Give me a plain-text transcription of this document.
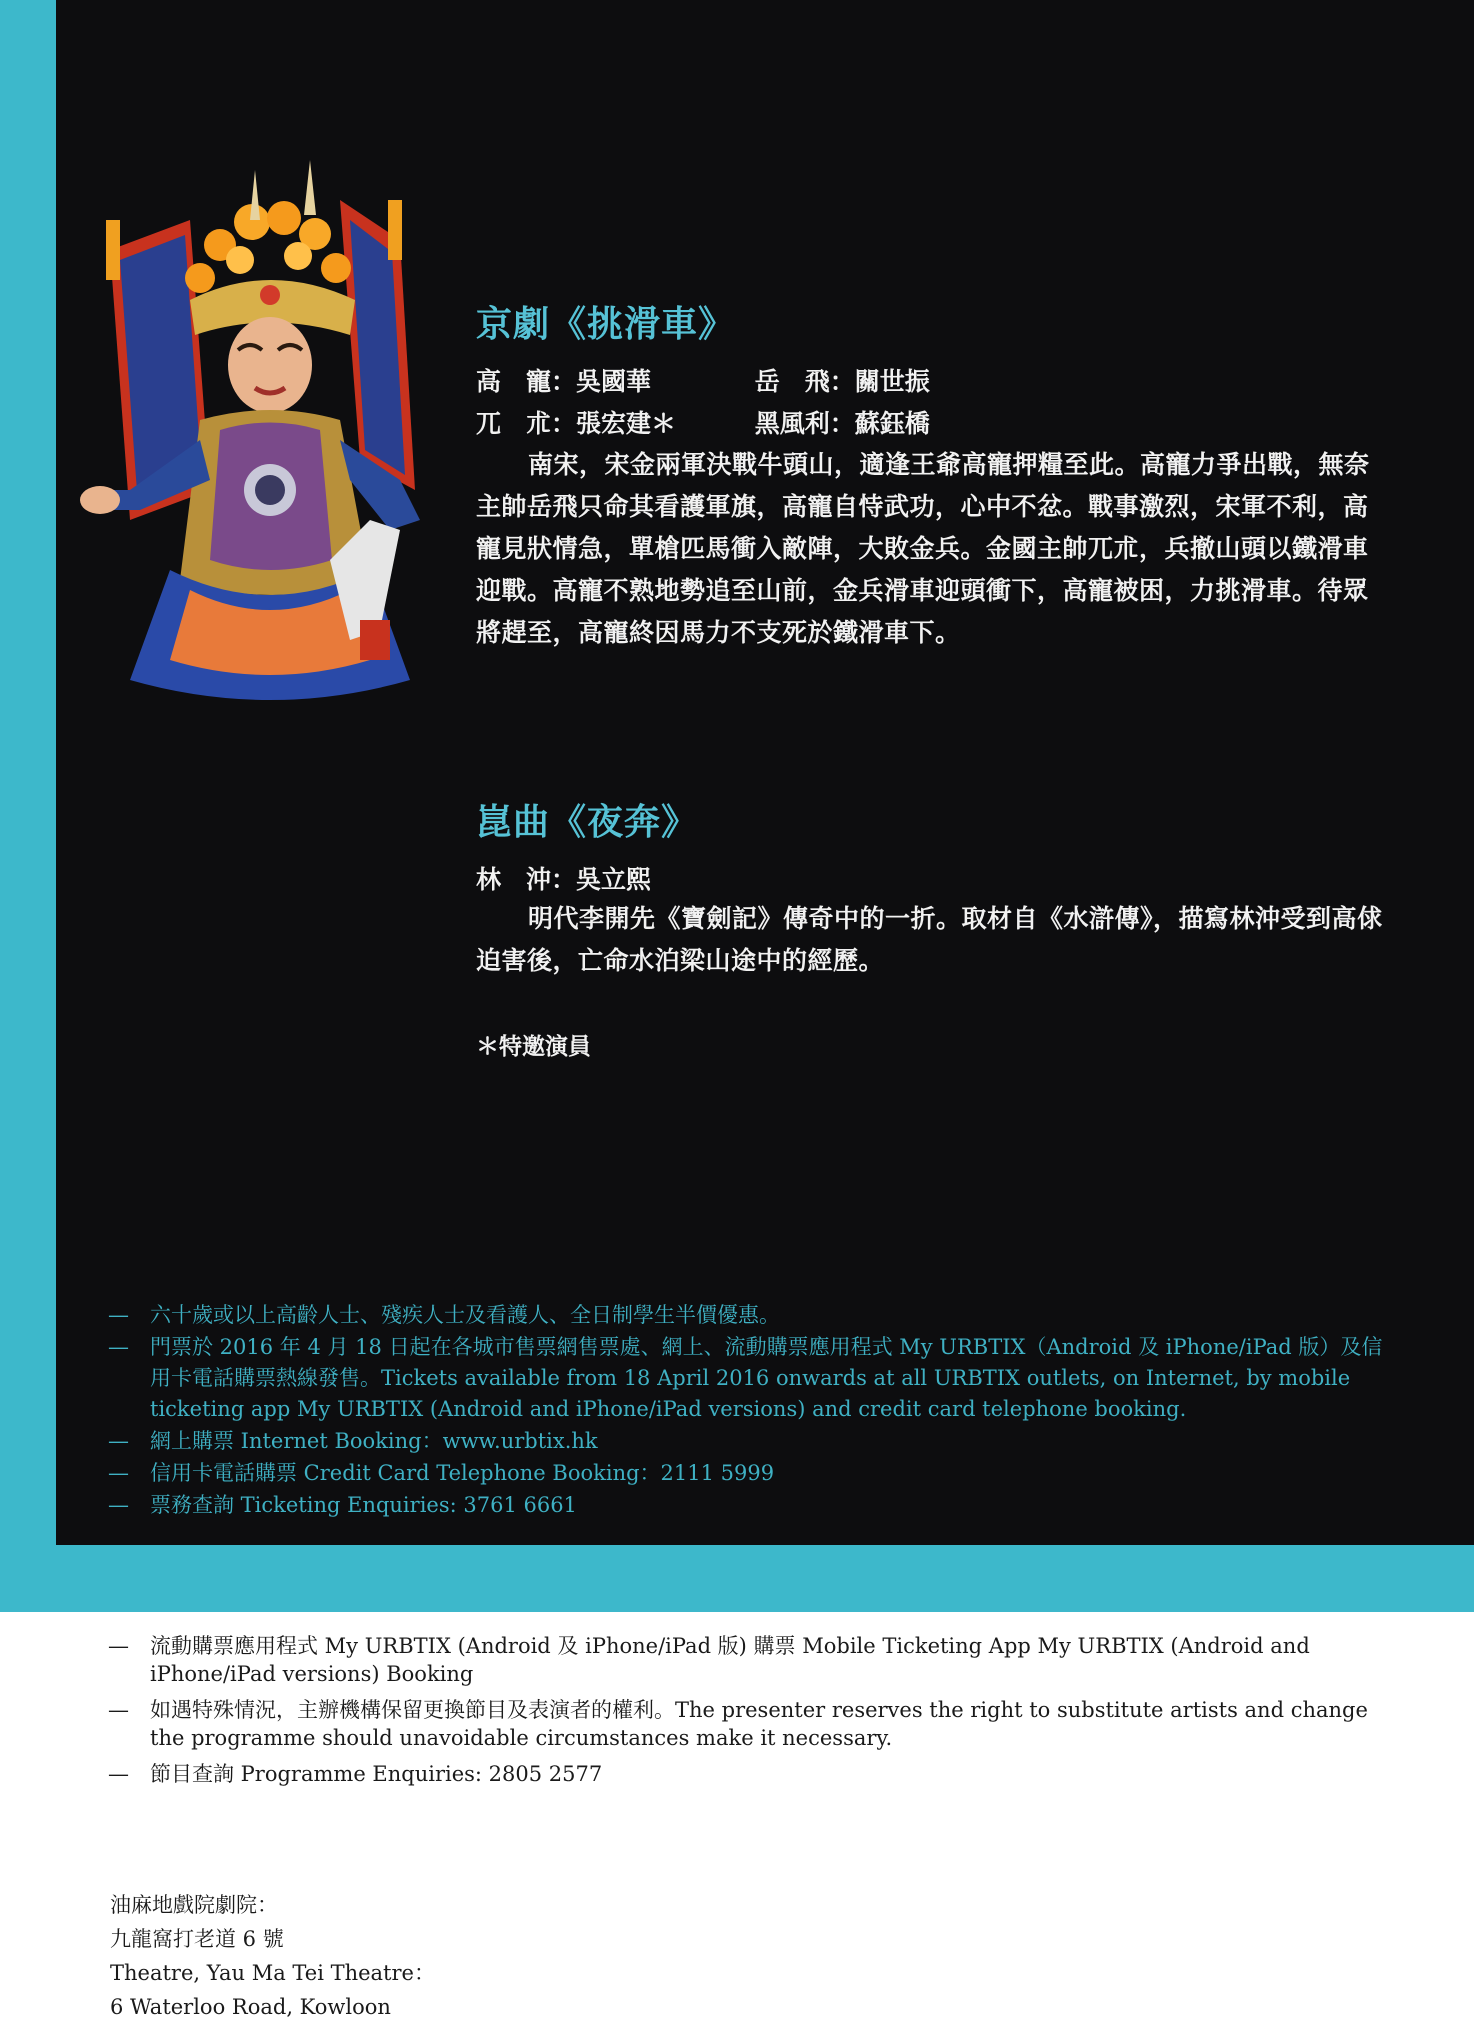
京劇《挑滑車》
高　寵：吳國華	岳　飛：關世振
兀　朮：張宏建＊	黑風利：蘇鈺橋

南宋，宋金兩軍決戰牛頭山，適逢王爺高寵押糧至此。高寵力爭出戰，無奈主帥岳飛只命其看護軍旗，高寵自恃武功，心中不忿。戰事激烈，宋軍不利，高寵見狀情急，單槍匹馬衝入敵陣，大敗金兵。金國主帥兀朮，兵撤山頭以鐵滑車迎戰。高寵不熟地勢追至山前，金兵滑車迎頭衝下，高寵被困，力挑滑車。待眾將趕至，高寵終因馬力不支死於鐵滑車下。

崑曲《夜奔》
林　沖：吳立熙

明代李開先《寶劍記》傳奇中的一折。取材自《水滸傳》，描寫林沖受到高俅迫害後，亡命水泊梁山途中的經歷。

＊特邀演員
— 六十歲或以上高齡人士、殘疾人士及看護人、全日制學生半價優惠。
— 門票於 2016 年 4 月 18 日起在各城市售票網售票處、網上、流動購票應用程式 My URBTIX（Android 及 iPhone/iPad 版）及信用卡電話購票熱線發售。Tickets available from 18 April 2016 onwards at all URBTIX outlets, on Internet, by mobile ticketing app My URBTIX (Android and iPhone/iPad versions) and credit card telephone booking.
— 網上購票 Internet Booking：www.urbtix.hk
— 信用卡電話購票 Credit Card Telephone Booking：2111 5999
— 票務查詢 Ticketing Enquiries: 3761 6661
— 流動購票應用程式 My URBTIX (Android 及 iPhone/iPad 版) 購票 Mobile Ticketing App My URBTIX (Android and iPhone/iPad versions) Booking
— 如遇特殊情況，主辦機構保留更換節目及表演者的權利。The presenter reserves the right to substitute artists and change the programme should unavoidable circumstances make it necessary.
— 節目查詢 Programme Enquiries: 2805 2577
油麻地戲院劇院：
九龍窩打老道 6 號
Theatre, Yau Ma Tei Theatre：
6 Waterloo Road, Kowloon
